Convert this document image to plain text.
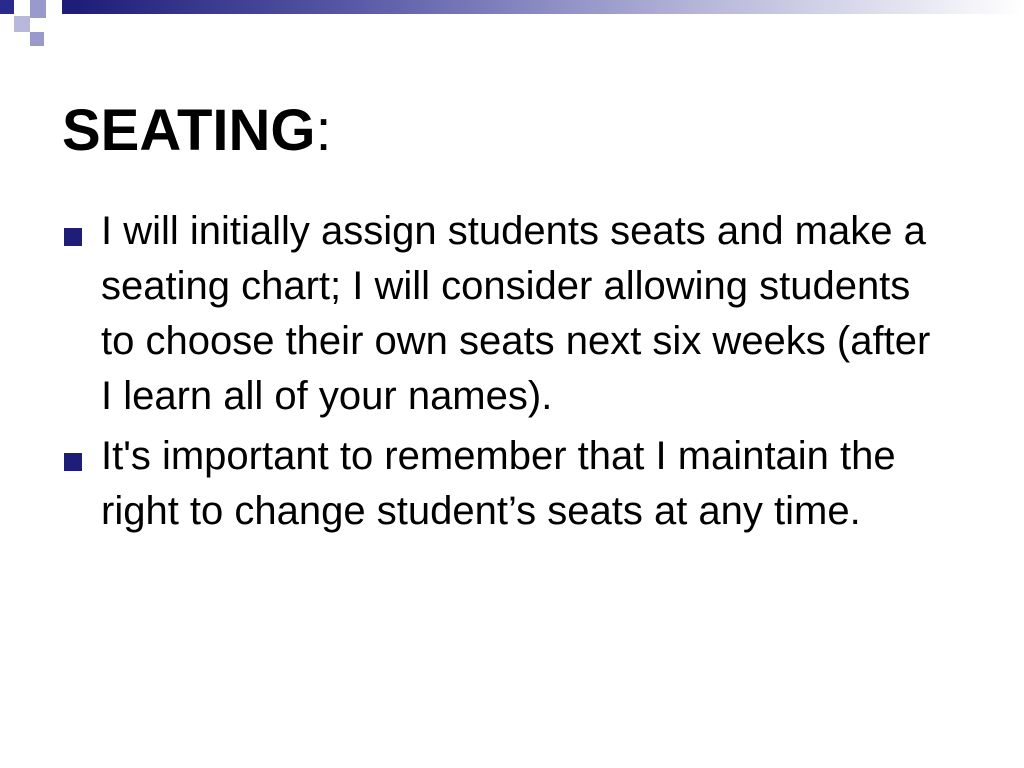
SEATING:
I will initially assign students seats and make a seating chart; I will consider allowing students to choose their own seats next six weeks (after I learn all of your names).
It's important to remember that I maintain the right to change student’s seats at any time.
